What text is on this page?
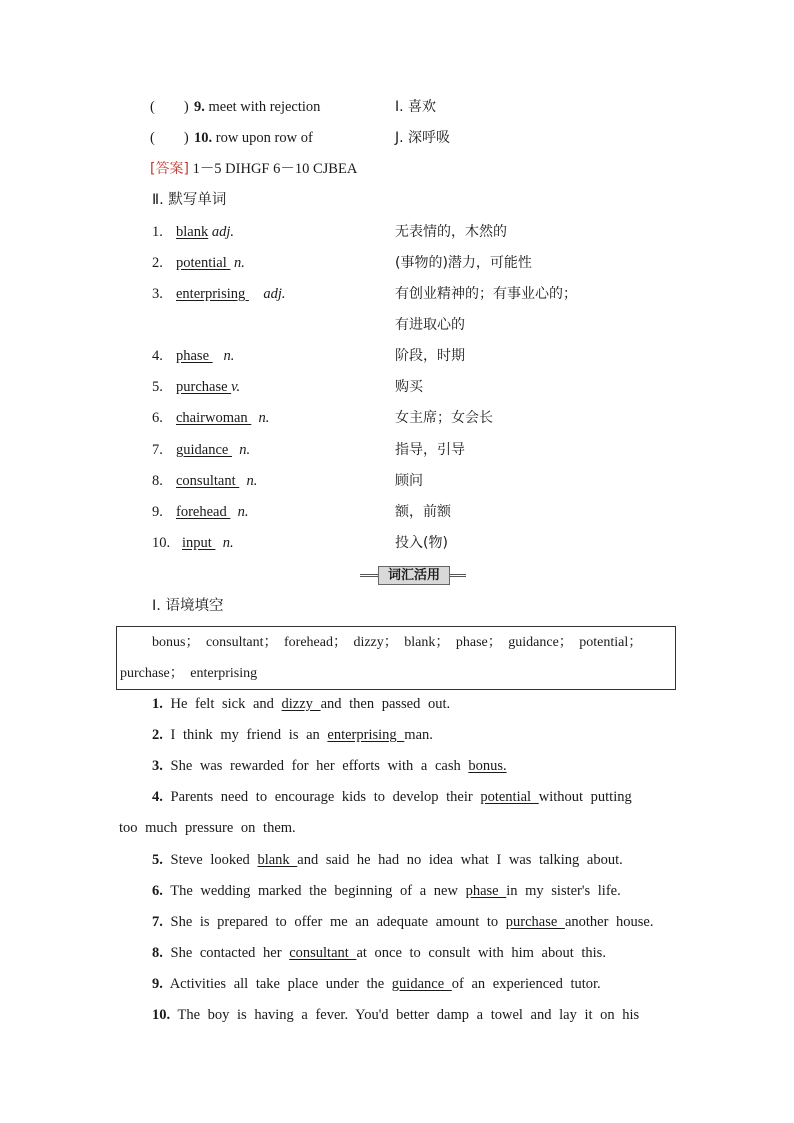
(　　) 9. meet with rejection	I. 喜欢
(　　) 10. row upon row of	J. 深呼吸
[答案] 1－5 DIHGF 6－10 CJBEA
Ⅱ. 默写单词
1. blank adj.	无表情的，木然的
2. potential  n.	(事物的)潜力，可能性
3. enterprising     adj.	有创业精神的；有事业心的；
有进取心的
4. phase    n.	阶段，时期
5. purchase v.	购买
6. chairwoman   n.	女主席；女会长
7. guidance   n.	指导，引导
8. consultant   n.	顾问
9. forehead   n.	额，前额
10. input   n.	投入(物)
词汇活用
Ⅰ. 语境填空
bonus； consultant； forehead； dizzy； blank； phase； guidance； potential；
purchase； enterprising
1. He felt sick and dizzy and then passed out.
2. I think my friend is an enterprising man.
3. She was rewarded for her efforts with a cash bonus.
4. Parents need to encourage kids to develop their potential without putting
too much pressure on them.
5. Steve looked blank and said he had no idea what I was talking about.
6. The wedding marked the beginning of a new phase in my sister's life.
7. She is prepared to offer me an adequate amount to purchase another house.
8. She contacted her consultant at once to consult with him about this.
9. Activities all take place under the guidance of an experienced tutor.
10. The boy is having a fever. You'd better damp a towel and lay it on his
